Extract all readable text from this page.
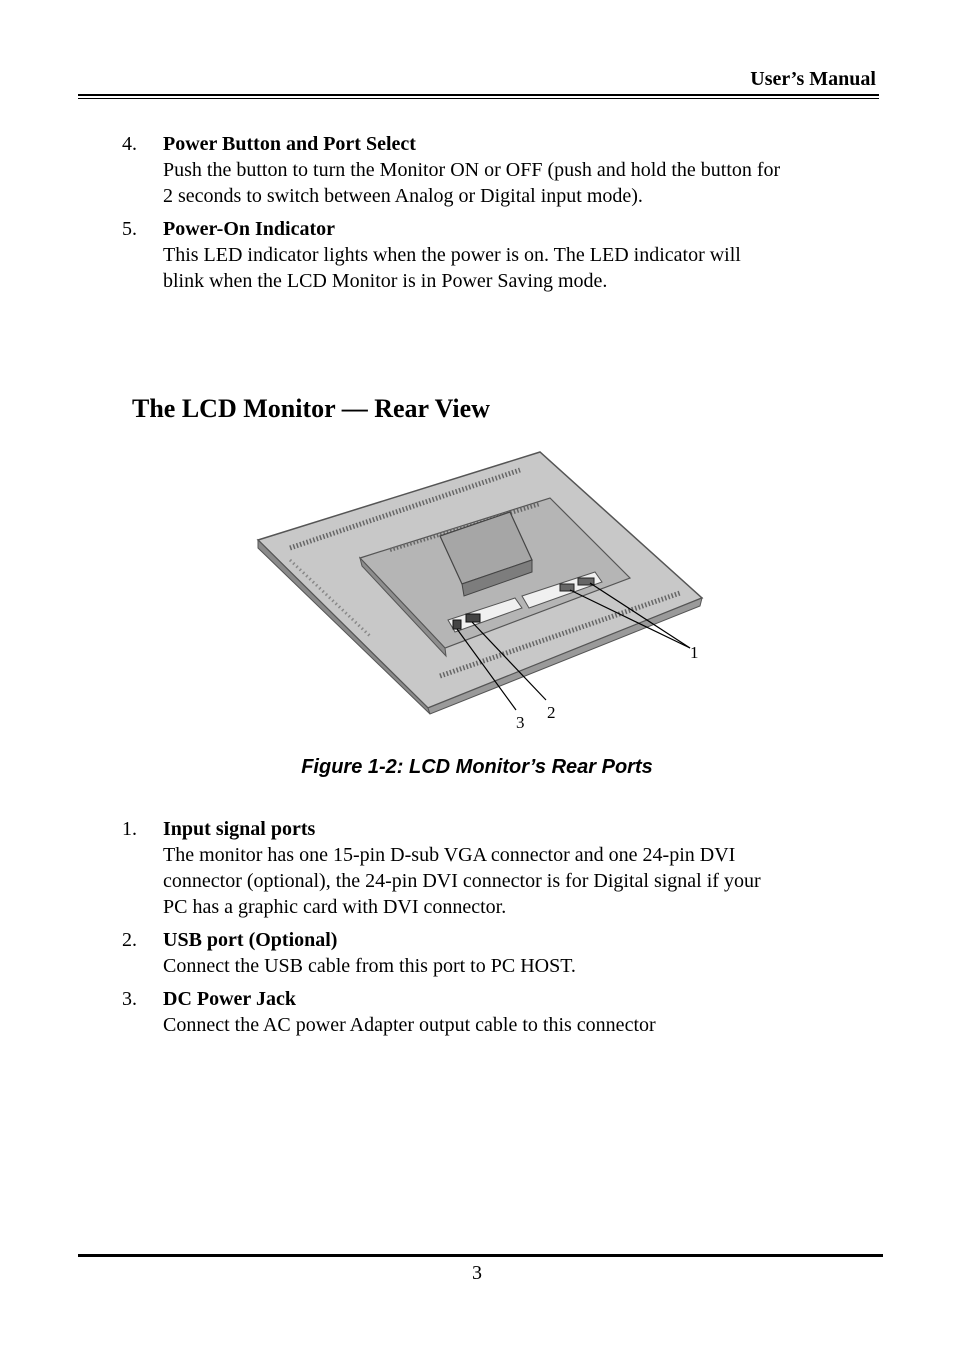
User’s Manual
4. Power Button and Port Select
Push the button to turn the Monitor ON or OFF (push and hold the button for
2 seconds to switch between Analog or Digital input mode).
5. Power-On Indicator
This LED indicator lights when the power is on. The LED indicator will
blink when the LCD Monitor is in Power Saving mode.
The LCD Monitor — Rear View
1
2
3
Figure 1-2: LCD Monitor’s Rear Ports
1. Input signal ports
The monitor has one 15-pin D-sub VGA connector and one 24-pin DVI
connector (optional), the 24-pin DVI connector is for Digital signal if your
PC has a graphic card with DVI connector.
2. USB port (Optional)
Connect the USB cable from this port to PC HOST.
3. DC Power Jack
Connect the AC power Adapter output cable to this connector
3
